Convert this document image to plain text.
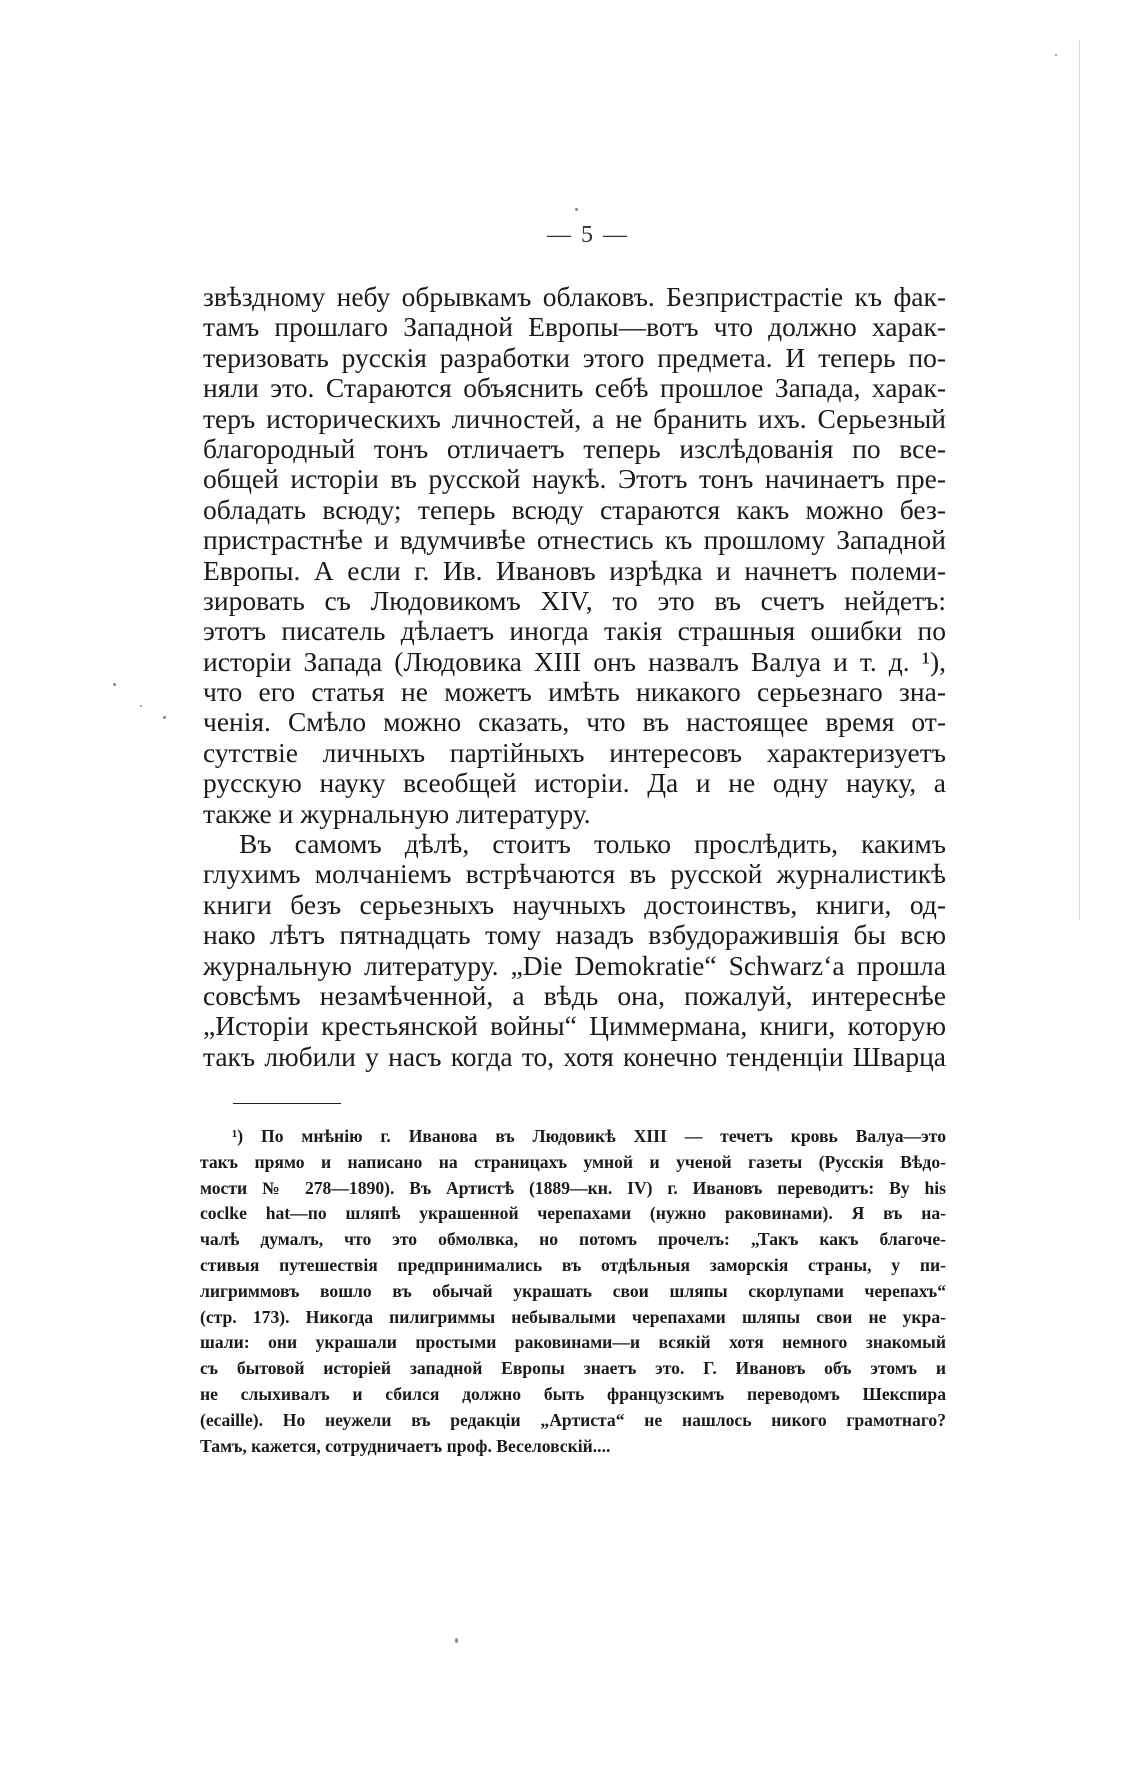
— 5 —
звѣздному небу обрывкамъ облаковъ. Безпристрастіе къ фак-
тамъ прошлаго Западной Европы—вотъ что должно харак-
теризовать русскія разработки этого предмета. И теперь по-
няли это. Стараются объяснить себѣ прошлое Запада, харак-
теръ историческихъ личностей, а не бранить ихъ. Серьезный
благородный тонъ отличаетъ теперь изслѣдованія по все-
общей исторіи въ русской наукѣ. Этотъ тонъ начинаетъ пре-
обладать всюду; теперь всюду стараются какъ можно без-
пристрастнѣе и вдумчивѣе отнестись къ прошлому Западной
Европы. А если г. Ив. Ивановъ изрѣдка и начнетъ полеми-
зировать съ Людовикомъ XIV, то это въ счетъ нейдетъ:
этотъ писатель дѣлаетъ иногда такія страшныя ошибки по
исторіи Запада (Людовика XIII онъ назвалъ Валуа и т. д. ¹),
что его статья не можетъ имѣть никакого серьезнаго зна-
ченія. Смѣло можно сказать, что въ настоящее время от-
сутствіе личныхъ партійныхъ интересовъ характеризуетъ
русскую науку всеобщей исторіи. Да и не одну науку, а
также и журнальную литературу.
Въ самомъ дѣлѣ, стоитъ только прослѣдить, какимъ
глухимъ молчаніемъ встрѣчаются въ русской журналистикѣ
книги безъ серьезныхъ научныхъ достоинствъ, книги, од-
нако лѣтъ пятнадцать тому назадъ взбудоражившія бы всю
журнальную литературу. „Die Demokratie“ Schwarz‘a прошла
совсѣмъ незамѣченной, а вѣдь она, пожалуй, интереснѣе
„Исторіи крестьянской войны“ Циммермана, книги, которую
такъ любили у насъ когда то, хотя конечно тенденціи Шварца
¹) По мнѣнію г. Иванова въ Людовикѣ XIII — течетъ кровь Валуа—это
такъ прямо и написано на страницахъ умной и ученой газеты (Русскія Вѣдо-
мости № 278—1890). Въ Артистѣ (1889—кн. IV) г. Ивановъ переводитъ: By his
coclke hat—по шляпѣ украшенной черепахами (нужно раковинами). Я въ на-
чалѣ думалъ, что это обмолвка, но потомъ прочелъ: „Такъ какъ благоче-
стивыя путешествія предпринимались въ отдѣльныя заморскія страны, у пи-
лигриммовъ вошло въ обычай украшать свои шляпы скорлупами черепахъ“
(стр. 173). Никогда пилигриммы небывалыми черепахами шляпы свои не укра-
шали: они украшали простыми раковинами—и всякій хотя немного знакомый
съ бытовой исторіей западной Европы знаетъ это. Г. Ивановъ объ этомъ и
не слыхивалъ и сбился должно быть французскимъ переводомъ Шекспира
(ecaille). Но неужели въ редакціи „Артиста“ не нашлось никого грамотнаго?
Тамъ, кажется, сотрудничаетъ проф. Веселовскій....
